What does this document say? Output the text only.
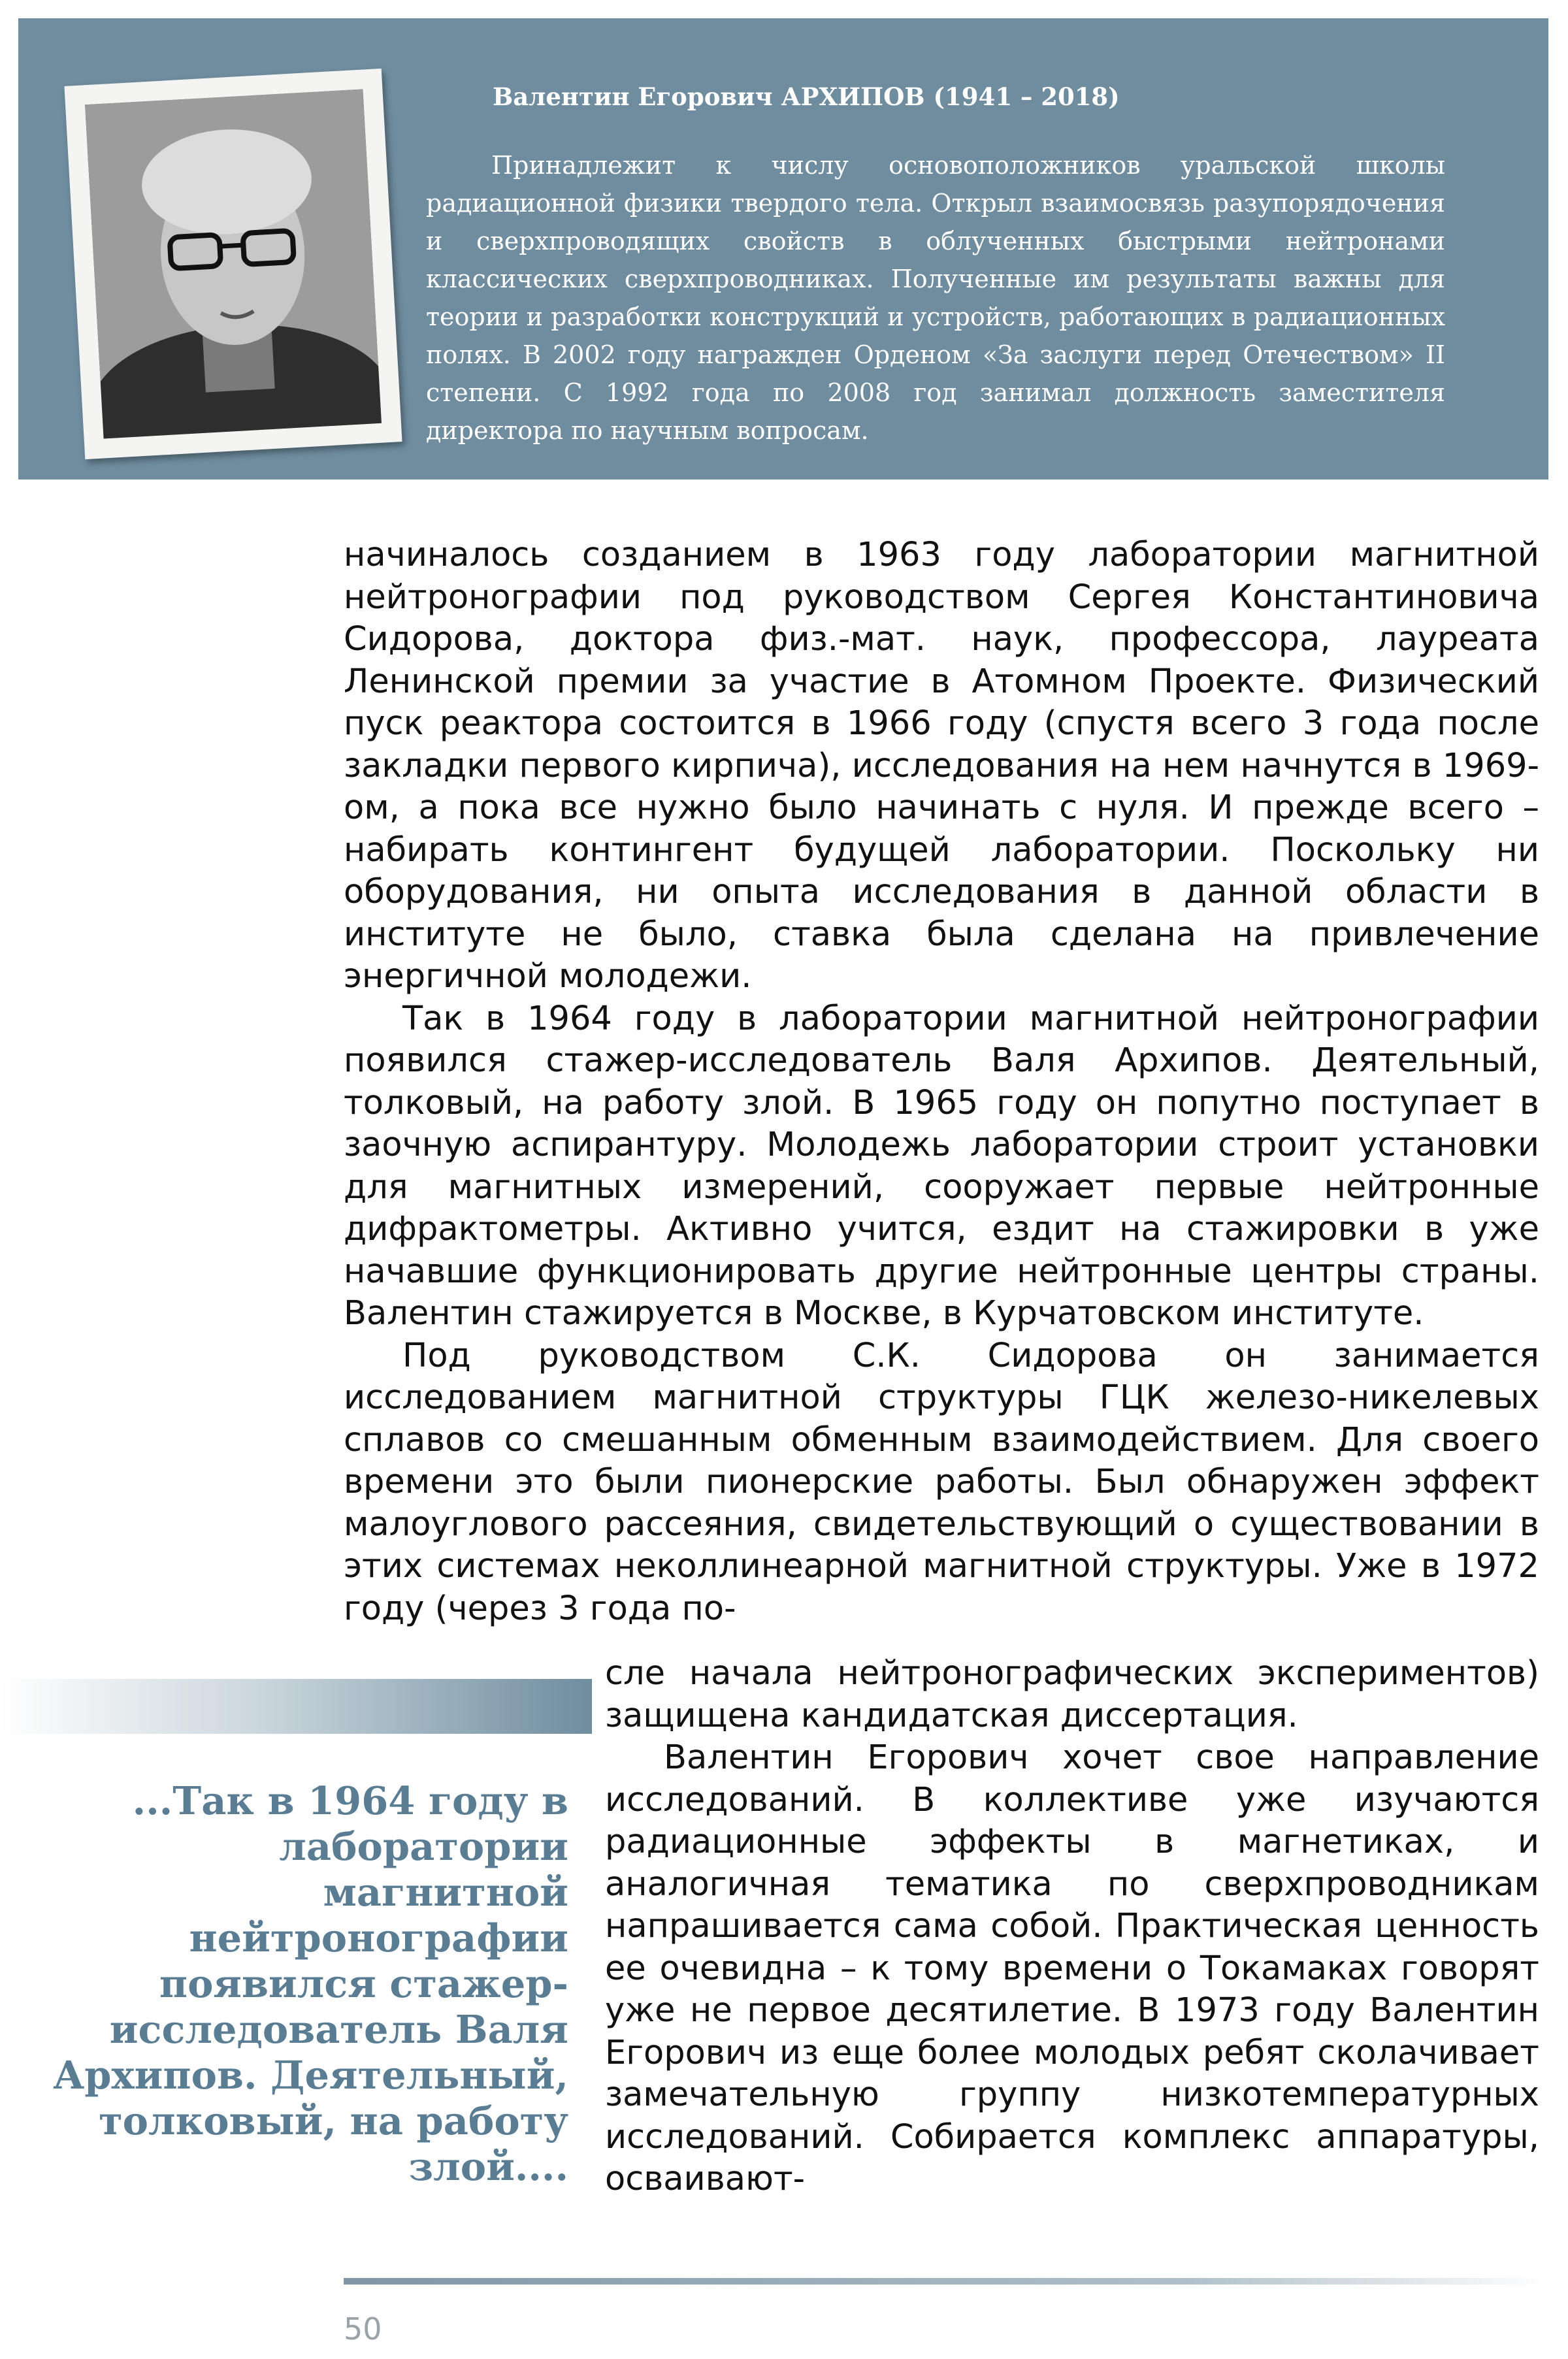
Валентин Егорович АРХИПОВ (1941 – 2018)
Принадлежит к числу основоположников уральской школы радиационной физики твердого тела. Открыл взаимосвязь разупорядочения и сверхпроводящих свойств в облученных быстрыми нейтронами классических сверхпроводниках. Полученные им результаты важны для теории и разработки конструкций и устройств, работающих в радиационных полях. В 2002 году награжден Орденом «За заслуги перед Отечеством» II степени. С 1992 года по 2008 год занимал должность заместителя директора по научным вопросам.

начиналось созданием в 1963 году лаборатории магнитной нейтронографии под руководством Сергея Константиновича Сидорова, доктора физ.-мат. наук, профессора, лауреата Ленинской премии за участие в Атомном Проекте. Физический пуск реактора состоится в 1966 году (спустя всего 3 года после закладки первого кирпича), исследования на нем начнутся в 1969-ом, а пока все нужно было начинать с нуля. И прежде всего – набирать контингент будущей лаборатории. Поскольку ни оборудования, ни опыта исследования в данной области в институте не было, ставка была сделана на привлечение энергичной молодежи.

Так в 1964 году в лаборатории магнитной нейтронографии появился стажер-исследователь Валя Архипов. Деятельный, толковый, на работу злой. В 1965 году он попутно поступает в заочную аспирантуру. Молодежь лаборатории строит установки для магнитных измерений, сооружает первые нейтронные дифрактометры. Активно учится, ездит на стажировки в уже начавшие функционировать другие нейтронные центры страны. Валентин стажируется в Москве, в Курчатовском институте.

Под руководством С.К. Сидорова он занимается исследованием магнитной структуры ГЦК железо-никелевых сплавов со смешанным обменным взаимодействием. Для своего времени это были пионерские работы. Был обнаружен эффект малоуглового рассеяния, свидетельствующий о существовании в этих системах неколлинеарной магнитной структуры. Уже в 1972 году (через 3 года по-

сле начала нейтронографических экспериментов) защищена кандидатская диссертация.

Валентин Егорович хочет свое направление исследований. В коллективе уже изучаются радиационные эффекты в магнетиках, и аналогичная тематика по сверхпроводникам напрашивается сама собой. Практическая ценность ее очевидна – к тому времени о Токамаках говорят уже не первое десятилетие. В 1973 году Валентин Егорович из еще более молодых ребят сколачивает замечательную группу низкотемпературных исследований. Собирается комплекс аппаратуры, осваивают-

...Так в 1964 году в лаборатории магнитной нейтронографии появился стажер-исследователь Валя Архипов. Деятельный, толковый, на работу злой....
50
